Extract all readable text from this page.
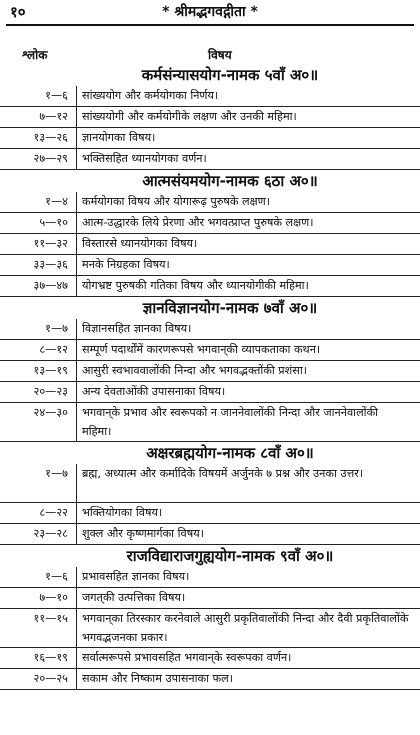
१०	* श्रीमद्भगवद्गीता *
श्लोक	विषय
कर्मसंन्यासयोग-नामक ५वाँ अ०॥
१—६	सांख्ययोग और कर्मयोगका निर्णय।
७—१२	सांख्ययोगी और कर्मयोगीके लक्षण और उनकी महिमा।
१३—२६	ज्ञानयोगका विषय।
२७—२९	भक्तिसहित ध्यानयोगका वर्णन।
आत्मसंयमयोग-नामक ६ठा अ०॥
१—४	कर्मयोगका विषय और योगारूढ़ पुरुषके लक्षण।
५—१०	आत्म-उद्धारके लिये प्रेरणा और भगवत्प्राप्त पुरुषके लक्षण।
११—३२	विस्तारसे ध्यानयोगका विषय।
३३—३६	मनके निग्रहका विषय।
३७—४७	योगभ्रष्ट पुरुषकी गतिका विषय और ध्यानयोगीकी महिमा।
ज्ञानविज्ञानयोग-नामक ७वाँ अ०॥
१—७	विज्ञानसहित ज्ञानका विषय।
८—१२	सम्पूर्ण पदार्थोंमें कारणरूपसे भगवान्‌की व्यापकताका कथन।
१३—१९	आसुरी स्वभाववालोंकी निन्दा और भगवद्भक्तोंकी प्रशंसा।
२०—२३	अन्य देवताओंकी उपासनाका विषय।
२४—३०	भगवान्‌के प्रभाव और स्वरूपको न जाननेवालोंकी निन्दा और जाननेवालोंकी महिमा।
अक्षरब्रह्मयोग-नामक ८वाँ अ०॥
१—७	ब्रह्म, अध्यात्म और कर्मादिके विषयमें अर्जुनके ७ प्रश्न और उनका उत्तर।
८—२२	भक्तियोगका विषय।
२३—२८	शुक्ल और कृष्णमार्गका विषय।
राजविद्याराजगुह्ययोग-नामक ९वाँ अ०॥
१—६	प्रभावसहित ज्ञानका विषय।
७—१०	जगत्‌की उत्पत्तिका विषय।
११—१५	भगवान्‌का तिरस्कार करनेवाले आसुरी प्रकृतिवालोंकी निन्दा और दैवी प्रकृतिवालोंके भगवद्भजनका प्रकार।
१६—१९	सर्वात्मरूपसे प्रभावसहित भगवान्‌के स्वरूपका वर्णन।
२०—२५	सकाम और निष्काम उपासनाका फल।
